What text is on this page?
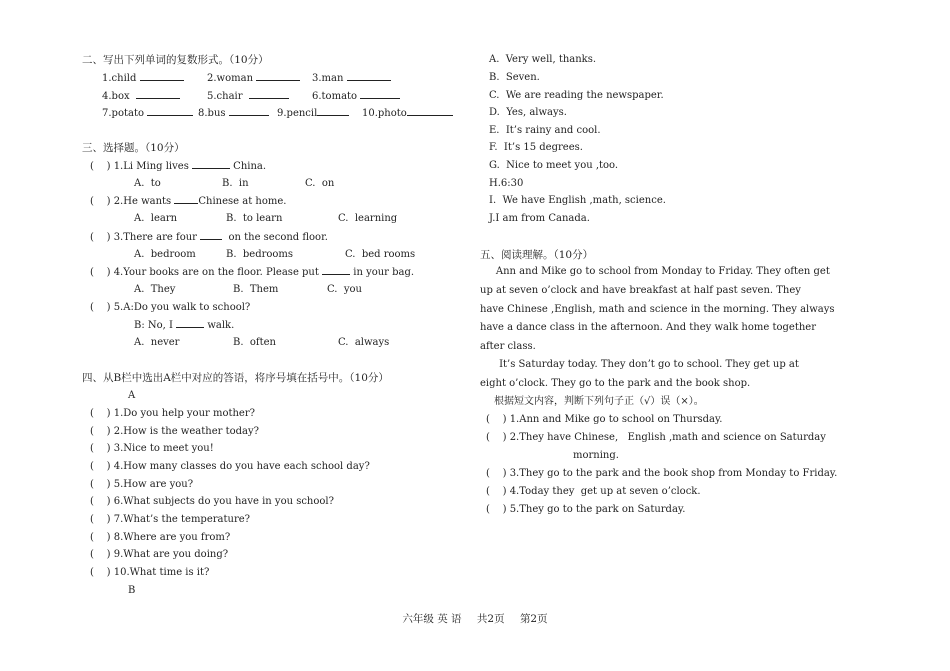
二、写出下列单词的复数形式。（10分）
1.child	2.woman	3.man
4.box	5.chair	6.tomato
7.potato	8.bus	9.pencil	10.photo
三、选择题。（10分）
(    ) 1.Li Ming lives	China.
A.  to	B.  in	C.  on
(    ) 2.He wants Chinese at home.
A.  learn	B.  to learn	C.  learning
(    ) 3.There are four   on the second floor.
A.  bedroom	B.  bedrooms	C.  bed rooms
(    ) 4.Your books are on the floor. Please put	in your bag.
A.  They	B.  Them	C.  you
(    ) 5.A:Do you walk to school?
B: No, I	walk.
A.  never	B.  often	C.  always
四、从B栏中选出A栏中对应的答语，将序号填在括号中。（10分）
A
(    ) 1.Do you help your mother?
(    ) 2.How is the weather today?
(    ) 3.Nice to meet you!
(    ) 4.How many classes do you have each school day?
(    ) 5.How are you?
(    ) 6.What subjects do you have in you school?
(    ) 7.What’s the temperature?
(    ) 8.Where are you from?
(    ) 9.What are you doing?
(    ) 10.What time is it?
B
A.  Very well, thanks.
B.  Seven.
C.  We are reading the newspaper.
D.  Yes, always.
E.  It’s rainy and cool.
F.  It’s 15 degrees.
G.  Nice to meet you ,too.
H.6:30
I.  We have English ,math, science.
J.I am from Canada.
五、阅读理解。（10分）
Ann and Mike go to school from Monday to Friday. They often get
up at seven o’clock and have breakfast at half past seven. They
have Chinese ,English, math and science in the morning. They always
have a dance class in the afternoon. And they walk home together
after class.
It’s Saturday today. They don’t go to school. They get up at
eight o’clock. They go to the park and the book shop.
根据短文内容，判断下列句子正（√）误（×）。
(    ) 1.Ann and Mike go to school on Thursday.
(    ) 2.They have Chinese,   English ,math and science on Saturday
morning.
(    ) 3.They go to the park and the book shop from Monday to Friday.
(    ) 4.Today they  get up at seven o’clock.
(    ) 5.They go to the park on Saturday.
六年级 英 语 共2页 第2页
